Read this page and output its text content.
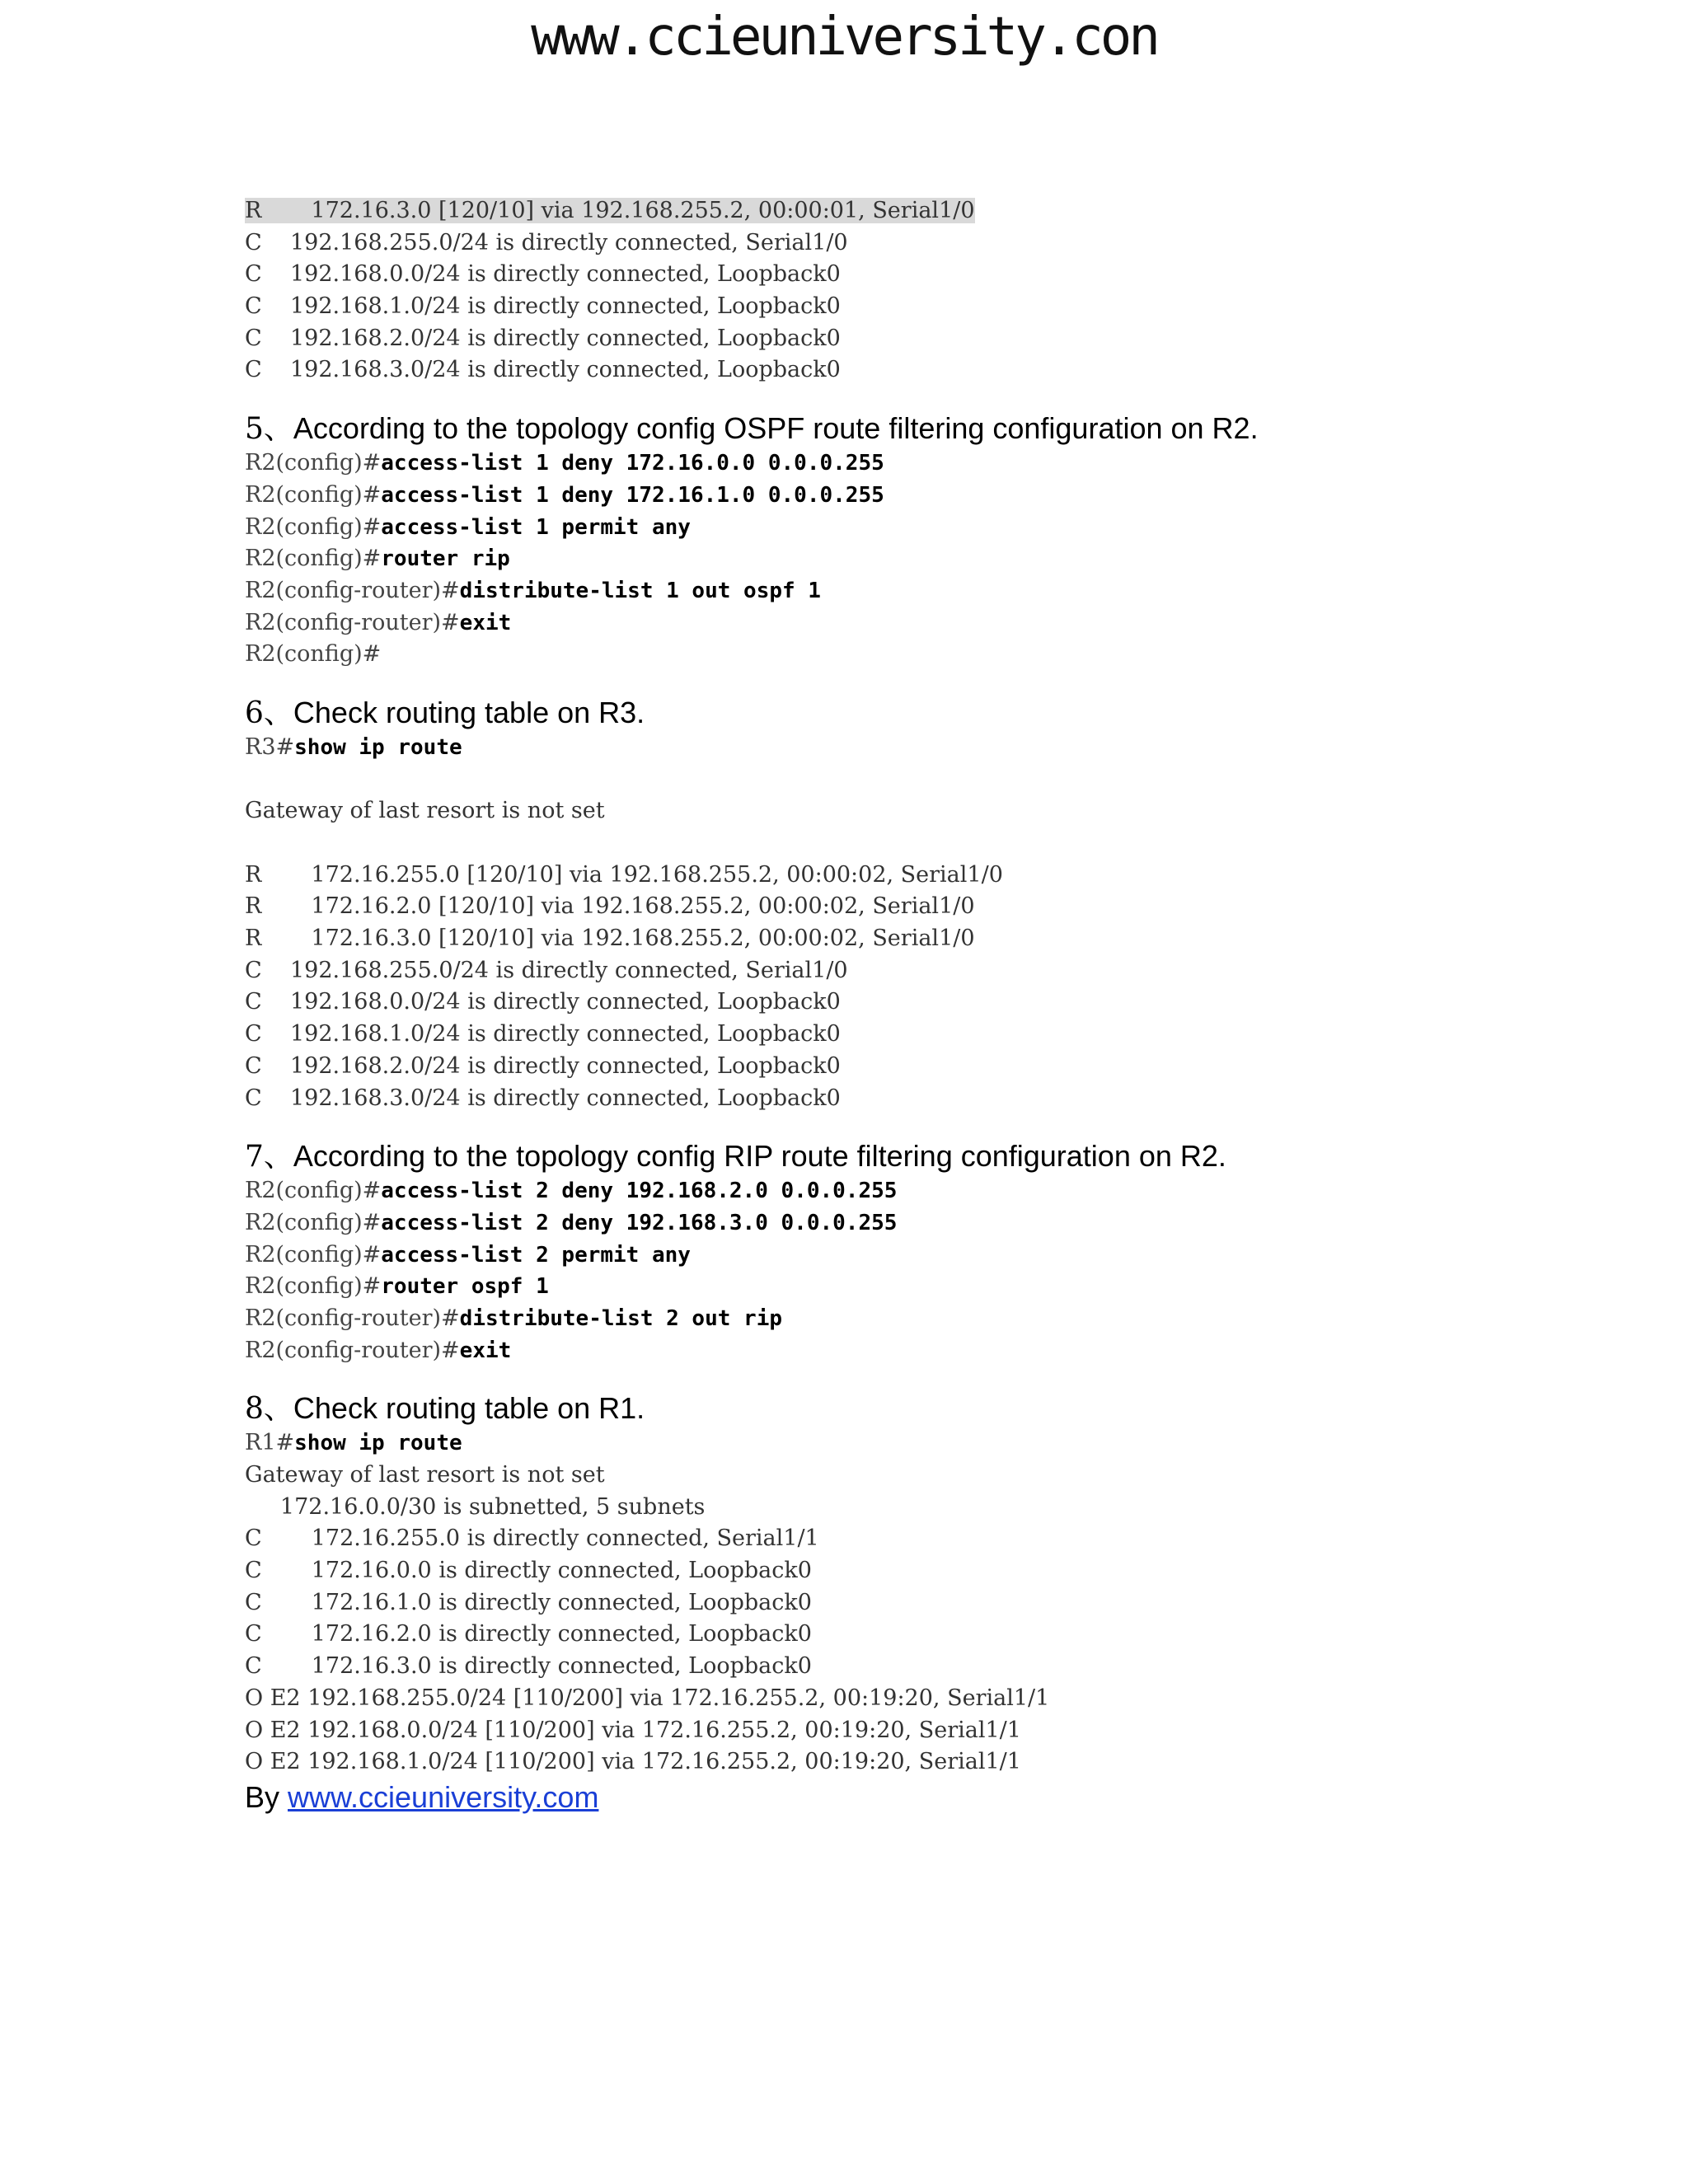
www.ccieuniversity.con
R       172.16.3.0 [120/10] via 192.168.255.2, 00:00:01, Serial1/0
C    192.168.255.0/24 is directly connected, Serial1/0
C    192.168.0.0/24 is directly connected, Loopback0
C    192.168.1.0/24 is directly connected, Loopback0
C    192.168.2.0/24 is directly connected, Loopback0
C    192.168.3.0/24 is directly connected, Loopback0
5、According to the topology config OSPF route filtering configuration on R2.
R2(config)#access-list 1 deny 172.16.0.0 0.0.0.255
R2(config)#access-list 1 deny 172.16.1.0 0.0.0.255
R2(config)#access-list 1 permit any
R2(config)#router rip
R2(config-router)#distribute-list 1 out ospf 1
R2(config-router)#exit
R2(config)#
6、Check routing table on R3.
R3#show ip route
Gateway of last resort is not set
R       172.16.255.0 [120/10] via 192.168.255.2, 00:00:02, Serial1/0
R       172.16.2.0 [120/10] via 192.168.255.2, 00:00:02, Serial1/0
R       172.16.3.0 [120/10] via 192.168.255.2, 00:00:02, Serial1/0
C    192.168.255.0/24 is directly connected, Serial1/0
C    192.168.0.0/24 is directly connected, Loopback0
C    192.168.1.0/24 is directly connected, Loopback0
C    192.168.2.0/24 is directly connected, Loopback0
C    192.168.3.0/24 is directly connected, Loopback0
7、According to the topology config RIP route filtering configuration on R2.
R2(config)#access-list 2 deny 192.168.2.0 0.0.0.255
R2(config)#access-list 2 deny 192.168.3.0 0.0.0.255
R2(config)#access-list 2 permit any
R2(config)#router ospf 1
R2(config-router)#distribute-list 2 out rip
R2(config-router)#exit
8、Check routing table on R1.
R1#show ip route
Gateway of last resort is not set
172.16.0.0/30 is subnetted, 5 subnets
C       172.16.255.0 is directly connected, Serial1/1
C       172.16.0.0 is directly connected, Loopback0
C       172.16.1.0 is directly connected, Loopback0
C       172.16.2.0 is directly connected, Loopback0
C       172.16.3.0 is directly connected, Loopback0
O E2 192.168.255.0/24 [110/200] via 172.16.255.2, 00:19:20, Serial1/1
O E2 192.168.0.0/24 [110/200] via 172.16.255.2, 00:19:20, Serial1/1
O E2 192.168.1.0/24 [110/200] via 172.16.255.2, 00:19:20, Serial1/1
By www.ccieuniversity.com
